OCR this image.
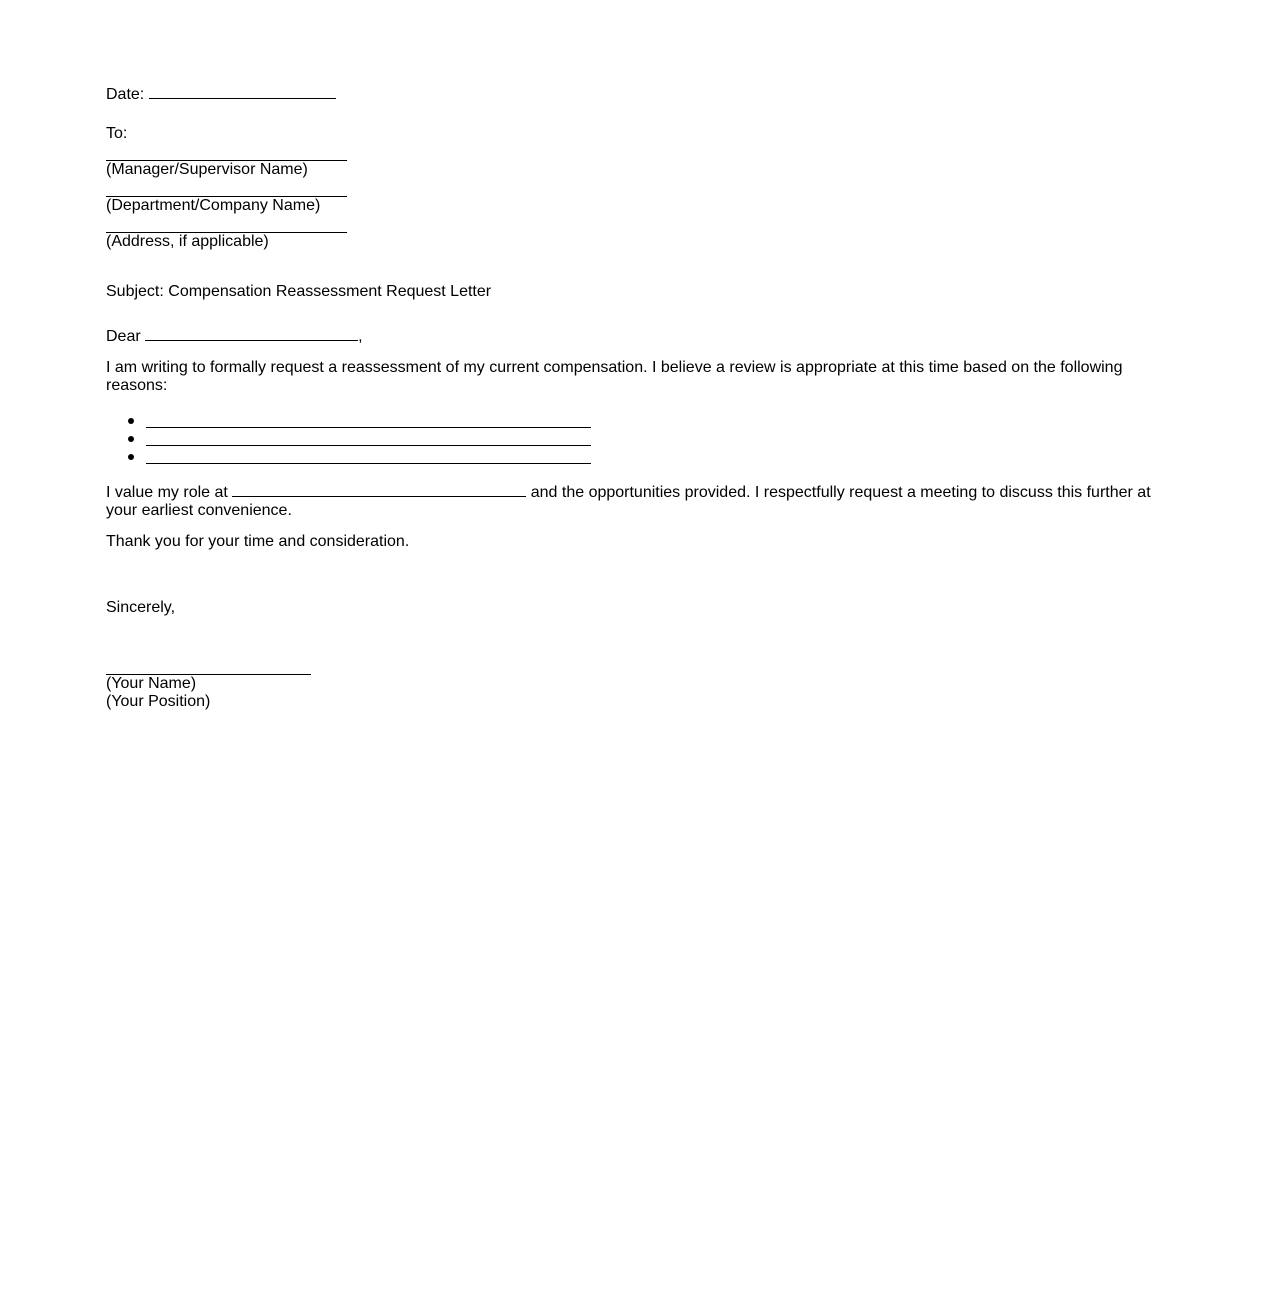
Date:
To:
(Manager/Supervisor Name)
(Department/Company Name)
(Address, if applicable)
Subject: Compensation Reassessment Request Letter
Dear	,
I am writing to formally request a reassessment of my current compensation. I believe a review is appropriate at this time based on the following reasons:
I value my role at	and the opportunities provided. I respectfully request a meeting to discuss this further at your earliest convenience.
Thank you for your time and consideration.
Sincerely,
(Your Name)
(Your Position)
